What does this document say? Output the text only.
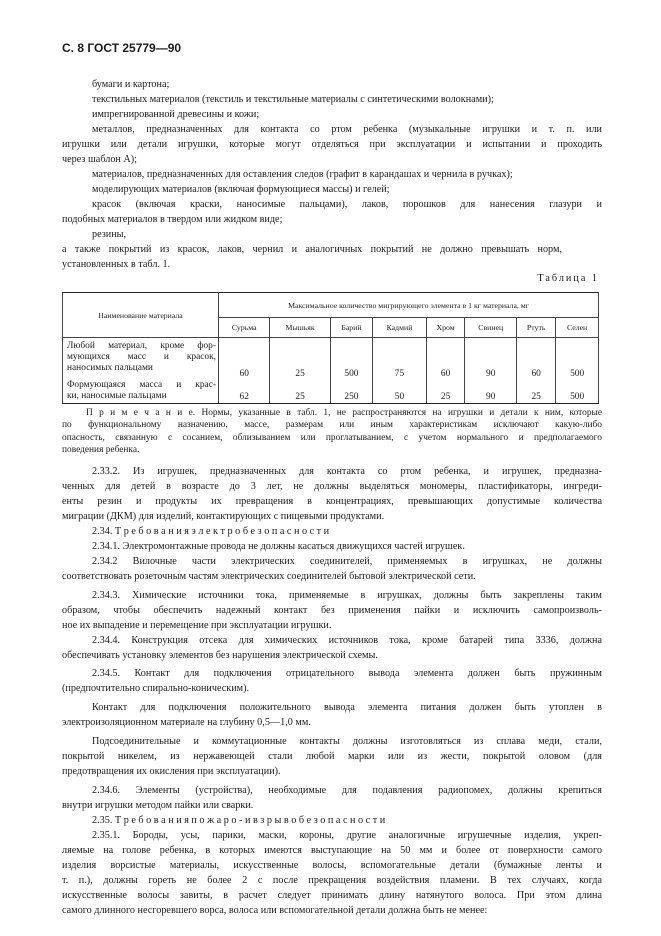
С. 8 ГОСТ 25779—90
бумаги и картона;
текстильных материалов (текстиль и текстильные материалы с синтетическими волокнами);
импрегнированной древесины и кожи;
металлов, предназначенных для контакта со ртом ребенка (музыкальные игрушки и т. п. или
игрушки или детали игрушки, которые могут отделяться при эксплуатации и испытании и проходить
через шаблон А);
материалов, предназначенных для оставления следов (графит в карандашах и чернила в ручках);
моделирующих материалов (включая формующиеся массы) и гелей;
красок (включая краски, наносимые пальцами), лаков, порошков для нанесения глазури и
подобных материалов в твердом или жидком виде;
резины,
а также покрытий из красок, лаков, чернил и аналогичных покрытий не должно превышать норм,
установленных в табл. 1.
Таблица 1
Наименование материала	Максимальное количество мигрирующего элемента в 1 кг материала, мг							
	Сурьма	Мышьяк	Барий	Кадмий	Хром	Свинец	Ртуть	Селен

Любой материал, кроме фор-
мующихся масс и красок,
наносимых пальцами	60	25	500	75	60	90	60	500

Формующаяся масса и крас-
ки, наносимые пальцами	62	25	250	50	25	90	25	500
П р и м е ч а н и е. Нормы, указанные в табл. 1, не распространяются на игрушки и детали к ним, которые
по функциональному назначению, массе, размерам или иным характеристикам исключают какую-либо
опасность, связанную с сосанием, облизыванием или проглатыванием, с учетом нормального и предполагаемого
поведения ребенка.
2.33.2. Из игрушек, предназначенных для контакта со ртом ребенка, и игрушек, предназна-
ченных для детей в возрасте до 3 лет, не должны выделяться мономеры, пластификаторы, ингреди-
енты резин и продукты их превращения в концентрациях, превышающих допустимые количества
миграции (ДКМ) для изделий, контактирующих с пищевыми продуктами.
2.34. Т р е б о в а н и я э л е к т р о б е з о п а с н о с т и
2.34.1. Электромонтажные провода не должны касаться движущихся частей игрушек.
2.34.2 Вилочные части электрических соединителей, применяемых в игрушках, не должны
соответствовать розеточным частям электрических соединителей бытовой электрической сети.
2.34.3. Химические источники тока, применяемые в игрушках, должны быть закреплены таким
образом, чтобы обеспечить надежный контакт без применения пайки и исключить самопроизволь-
ное их выпадение и перемещение при эксплуатации игрушки.
2.34.4. Конструкция отсека для химических источников тока, кроме батарей типа 3336, должна
обеспечивать установку элементов без нарушения электрической схемы.
2.34.5. Контакт для подключения отрицательного вывода элемента должен быть пружинным
(предпочтительно спирально-коническим).
Контакт для подключения положительного вывода элемента питания должен быть утоплен в
электроизоляционном материале на глубину 0,5—1,0 мм.
Подсоединительные и коммутационные контакты должны изготовляться из сплава меди, стали,
покрытой никелем, из нержавеющей стали любой марки или из жести, покрытой оловом (для
предотвращения их окисления при эксплуатации).
2.34.6. Элементы (устройства), необходимые для подавления радиопомех, должны крепиться
внутри игрушки методом пайки или сварки.
2.35. Т р е б о в а н и я п о ж а р о - и в з р ы в о б е з о п а с н о с т и
2.35.1. Бороды, усы, парики, маски, короны, другие аналогичные игрушечные изделия, укреп-
ляемые на голове ребенка, в которых имеются выступающие на 50 мм и более от поверхности самого
изделия ворсистые материалы, искусственные волосы, вспомогательные детали (бумажные ленты и
т. п.), должны гореть не более 2 с после прекращения воздействия пламени. В тех случаях, когда
искусственные волосы завиты, в расчет следует принимать длину натянутого волоса. При этом длина
самого длинного несгоревшего ворса, волоса или вспомогательной детали должна быть не менее:
